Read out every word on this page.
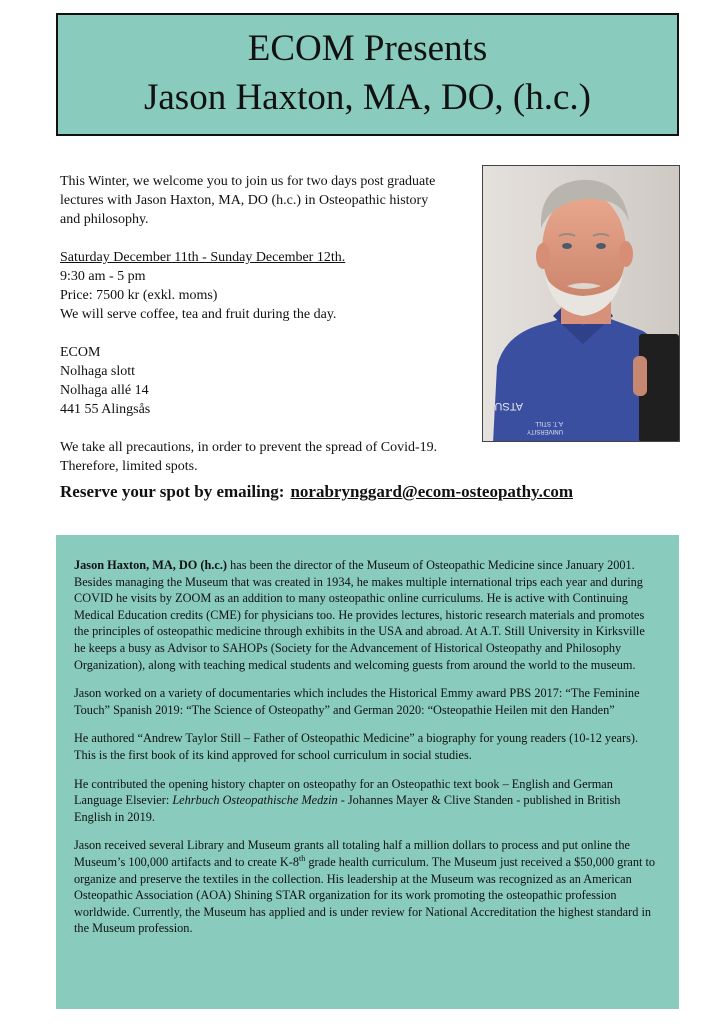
ECOM Presents
Jason Haxton, MA, DO, (h.c.)

This Winter, we welcome you to join us for two days post graduate

lectures with Jason Haxton, MA, DO (h.c.) in Osteopathic history

and philosophy.

Saturday December 11th - Sunday December 12th.

9:30 am - 5 pm

Price: 7500 kr (exkl. moms)

We will serve coffee, tea and fruit during the day.

ECOM

Nolhaga slott

Nolhaga allé 14

441 55 Alingsås

We take all precautions, in order to prevent the spread of Covid-19.

Therefore, limited spots.

ATSU
A.T. STILL
UNIVERSITY
Reserve your spot by emailing: norabrynggard@ecom-osteopathy.com

Jason Haxton, MA, DO (h.c.) has been the director of the Museum of Osteopathic Medicine since January 2001. Besides managing the Museum that was created in 1934, he makes multiple international trips each year and during COVID he visits by ZOOM as an addition to many osteopathic online curriculums. He is active with Continuing Medical Education credits (CME) for physicians too. He provides lectures, historic research materials and promotes the principles of osteopathic medicine through exhibits in the USA and abroad. At A.T. Still University in Kirksville he keeps a busy as Advisor to SAHOPs (Society for the Advancement of Historical Osteopathy and Philosophy Organization), along with teaching medical students and welcoming guests from around the world to the museum.

Jason worked on a variety of documentaries which includes the Historical Emmy award PBS 2017: “The Feminine Touch” Spanish 2019: “The Science of Osteopathy” and German 2020: “Osteopathie Heilen mit den Handen”

He authored “Andrew Taylor Still – Father of Osteopathic Medicine” a biography for young readers (10-12 years). This is the first book of its kind approved for school curriculum in social studies.

He contributed the opening history chapter on osteopathy for an Osteopathic text book – English and German Language Elsevier: Lehrbuch Osteopathische Medzin - Johannes Mayer & Clive Standen - published in British English in 2019.

Jason received several Library and Museum grants all totaling half a million dollars to process and put online the Museum’s 100,000 artifacts and to create K-8th grade health curriculum. The Museum just received a $50,000 grant to organize and preserve the textiles in the collection. His leadership at the Museum was recognized as an American Osteopathic Association (AOA) Shining STAR organization for its work promoting the osteopathic profession worldwide. Currently, the Museum has applied and is under review for National Accreditation the highest standard in the Museum profession.
